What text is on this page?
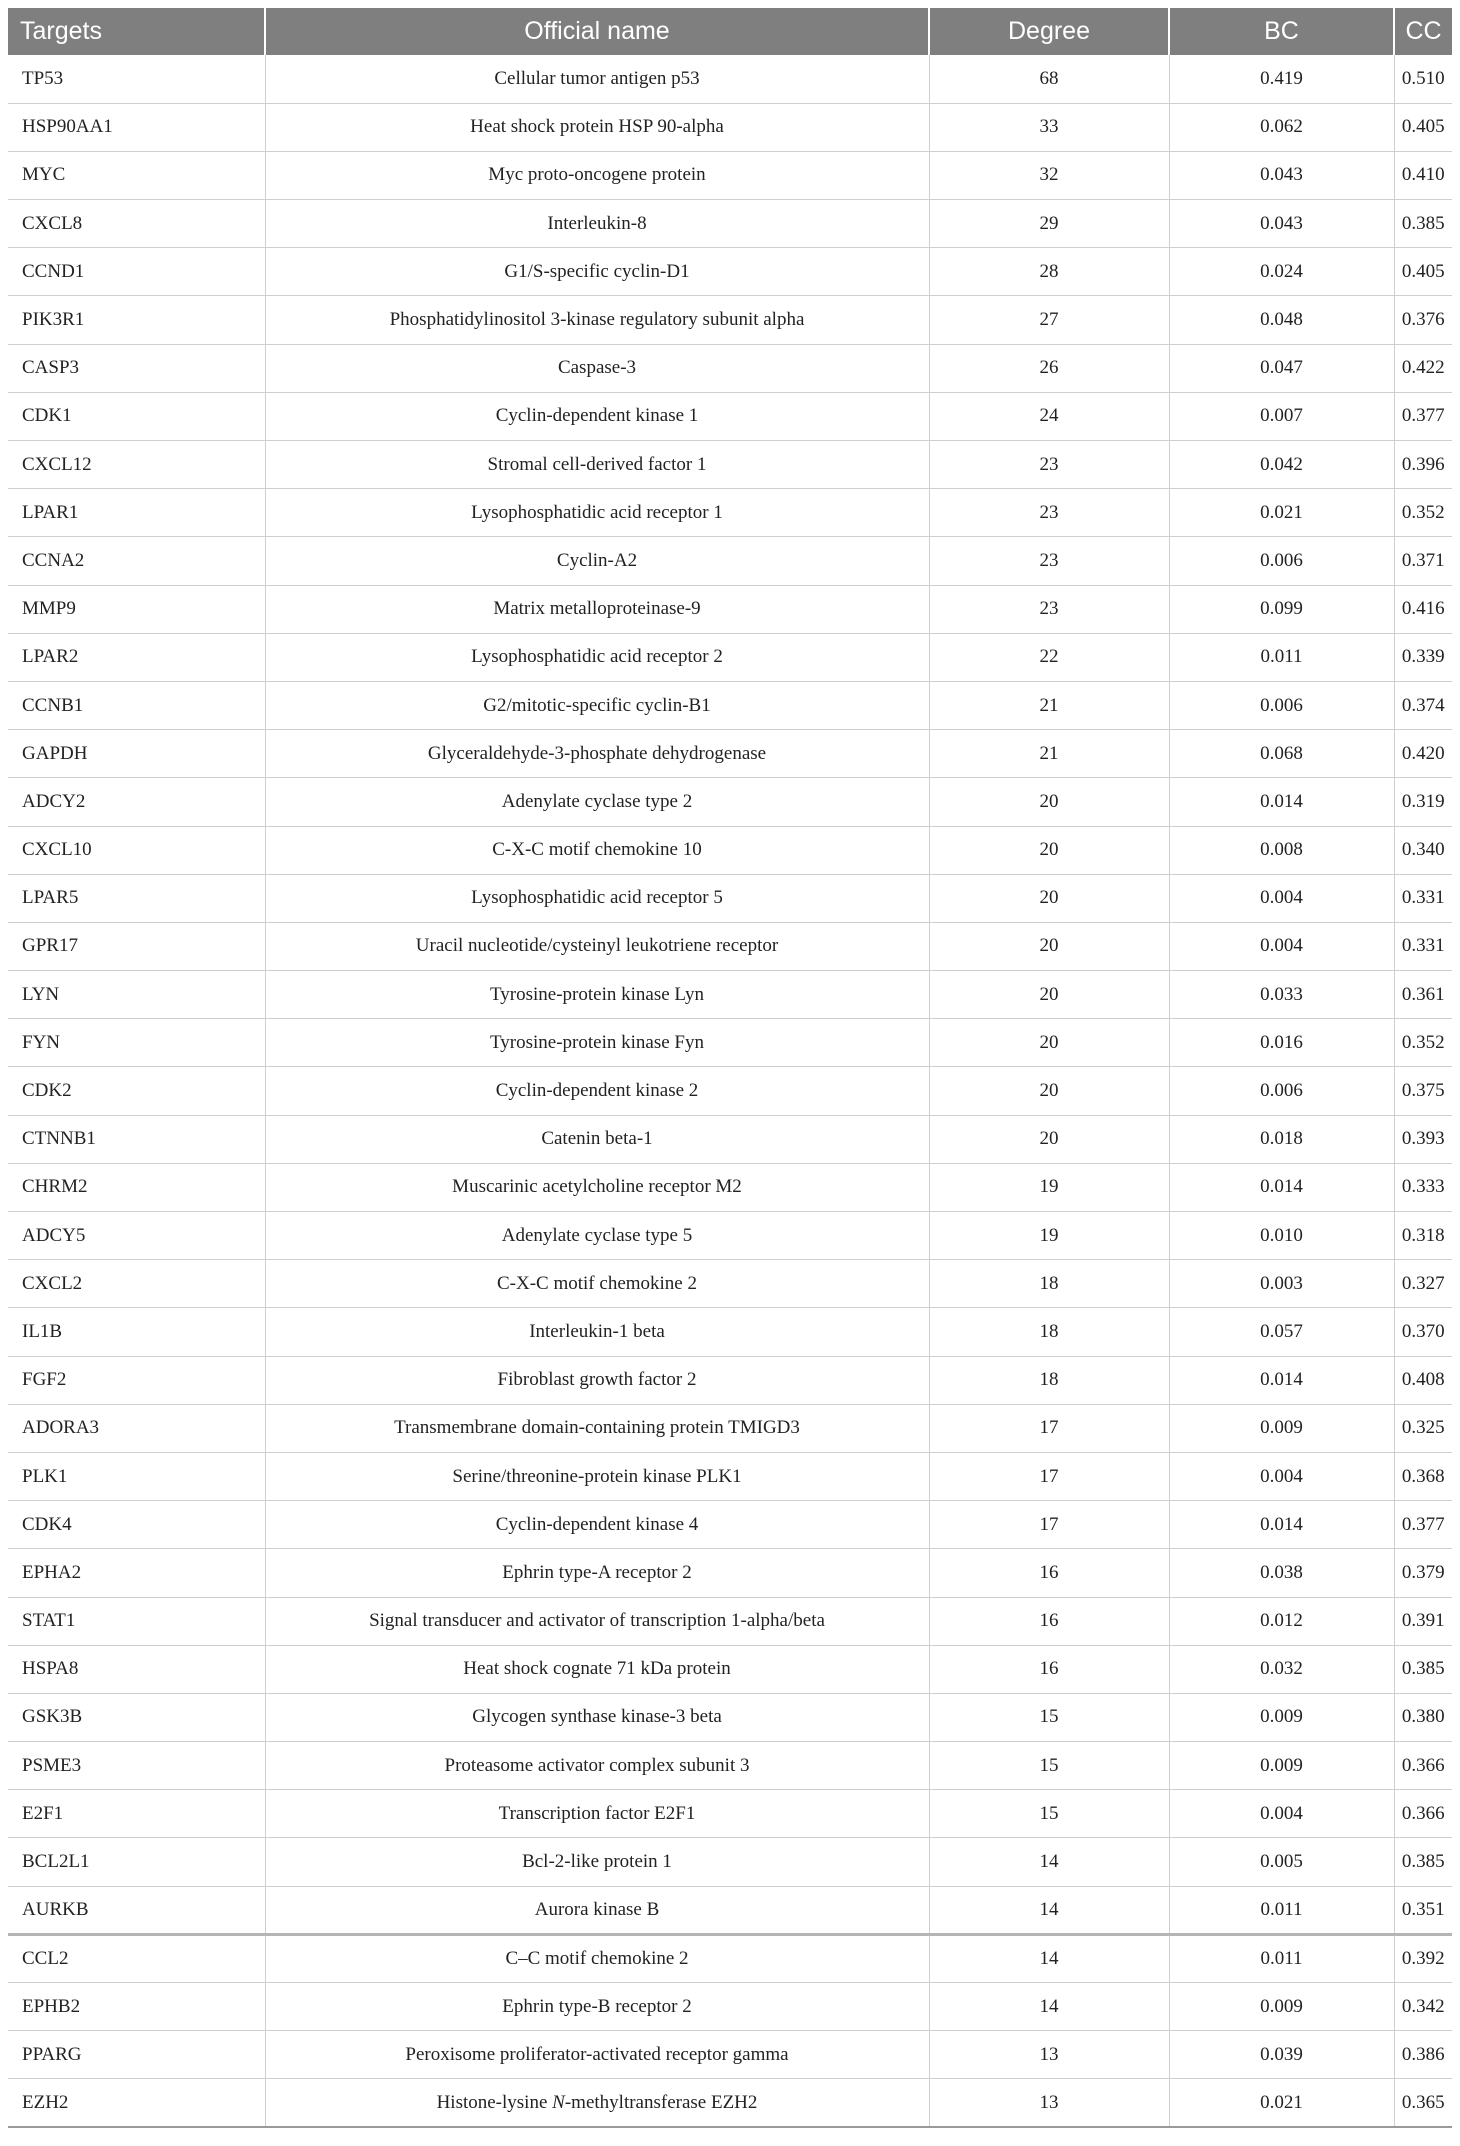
Targets	Official name	Degree	BC	CC
TP53	Cellular tumor antigen p53	68	0.419	0.510
HSP90AA1	Heat shock protein HSP 90-alpha	33	0.062	0.405
MYC	Myc proto-oncogene protein	32	0.043	0.410
CXCL8	Interleukin-8	29	0.043	0.385
CCND1	G1/S-specific cyclin-D1	28	0.024	0.405
PIK3R1	Phosphatidylinositol 3-kinase regulatory subunit alpha	27	0.048	0.376
CASP3	Caspase-3	26	0.047	0.422
CDK1	Cyclin-dependent kinase 1	24	0.007	0.377
CXCL12	Stromal cell-derived factor 1	23	0.042	0.396
LPAR1	Lysophosphatidic acid receptor 1	23	0.021	0.352
CCNA2	Cyclin-A2	23	0.006	0.371
MMP9	Matrix metalloproteinase-9	23	0.099	0.416
LPAR2	Lysophosphatidic acid receptor 2	22	0.011	0.339
CCNB1	G2/mitotic-specific cyclin-B1	21	0.006	0.374
GAPDH	Glyceraldehyde-3-phosphate dehydrogenase	21	0.068	0.420
ADCY2	Adenylate cyclase type 2	20	0.014	0.319
CXCL10	C-X-C motif chemokine 10	20	0.008	0.340
LPAR5	Lysophosphatidic acid receptor 5	20	0.004	0.331
GPR17	Uracil nucleotide/cysteinyl leukotriene receptor	20	0.004	0.331
LYN	Tyrosine-protein kinase Lyn	20	0.033	0.361
FYN	Tyrosine-protein kinase Fyn	20	0.016	0.352
CDK2	Cyclin-dependent kinase 2	20	0.006	0.375
CTNNB1	Catenin beta-1	20	0.018	0.393
CHRM2	Muscarinic acetylcholine receptor M2	19	0.014	0.333
ADCY5	Adenylate cyclase type 5	19	0.010	0.318
CXCL2	C-X-C motif chemokine 2	18	0.003	0.327
IL1B	Interleukin-1 beta	18	0.057	0.370
FGF2	Fibroblast growth factor 2	18	0.014	0.408
ADORA3	Transmembrane domain-containing protein TMIGD3	17	0.009	0.325
PLK1	Serine/threonine-protein kinase PLK1	17	0.004	0.368
CDK4	Cyclin-dependent kinase 4	17	0.014	0.377
EPHA2	Ephrin type-A receptor 2	16	0.038	0.379
STAT1	Signal transducer and activator of transcription 1-alpha/beta	16	0.012	0.391
HSPA8	Heat shock cognate 71 kDa protein	16	0.032	0.385
GSK3B	Glycogen synthase kinase-3 beta	15	0.009	0.380
PSME3	Proteasome activator complex subunit 3	15	0.009	0.366
E2F1	Transcription factor E2F1	15	0.004	0.366
BCL2L1	Bcl-2-like protein 1	14	0.005	0.385
AURKB	Aurora kinase B	14	0.011	0.351
CCL2	C–C motif chemokine 2	14	0.011	0.392
EPHB2	Ephrin type-B receptor 2	14	0.009	0.342
PPARG	Peroxisome proliferator-activated receptor gamma	13	0.039	0.386
EZH2	Histone-lysine N-methyltransferase EZH2	13	0.021	0.365
